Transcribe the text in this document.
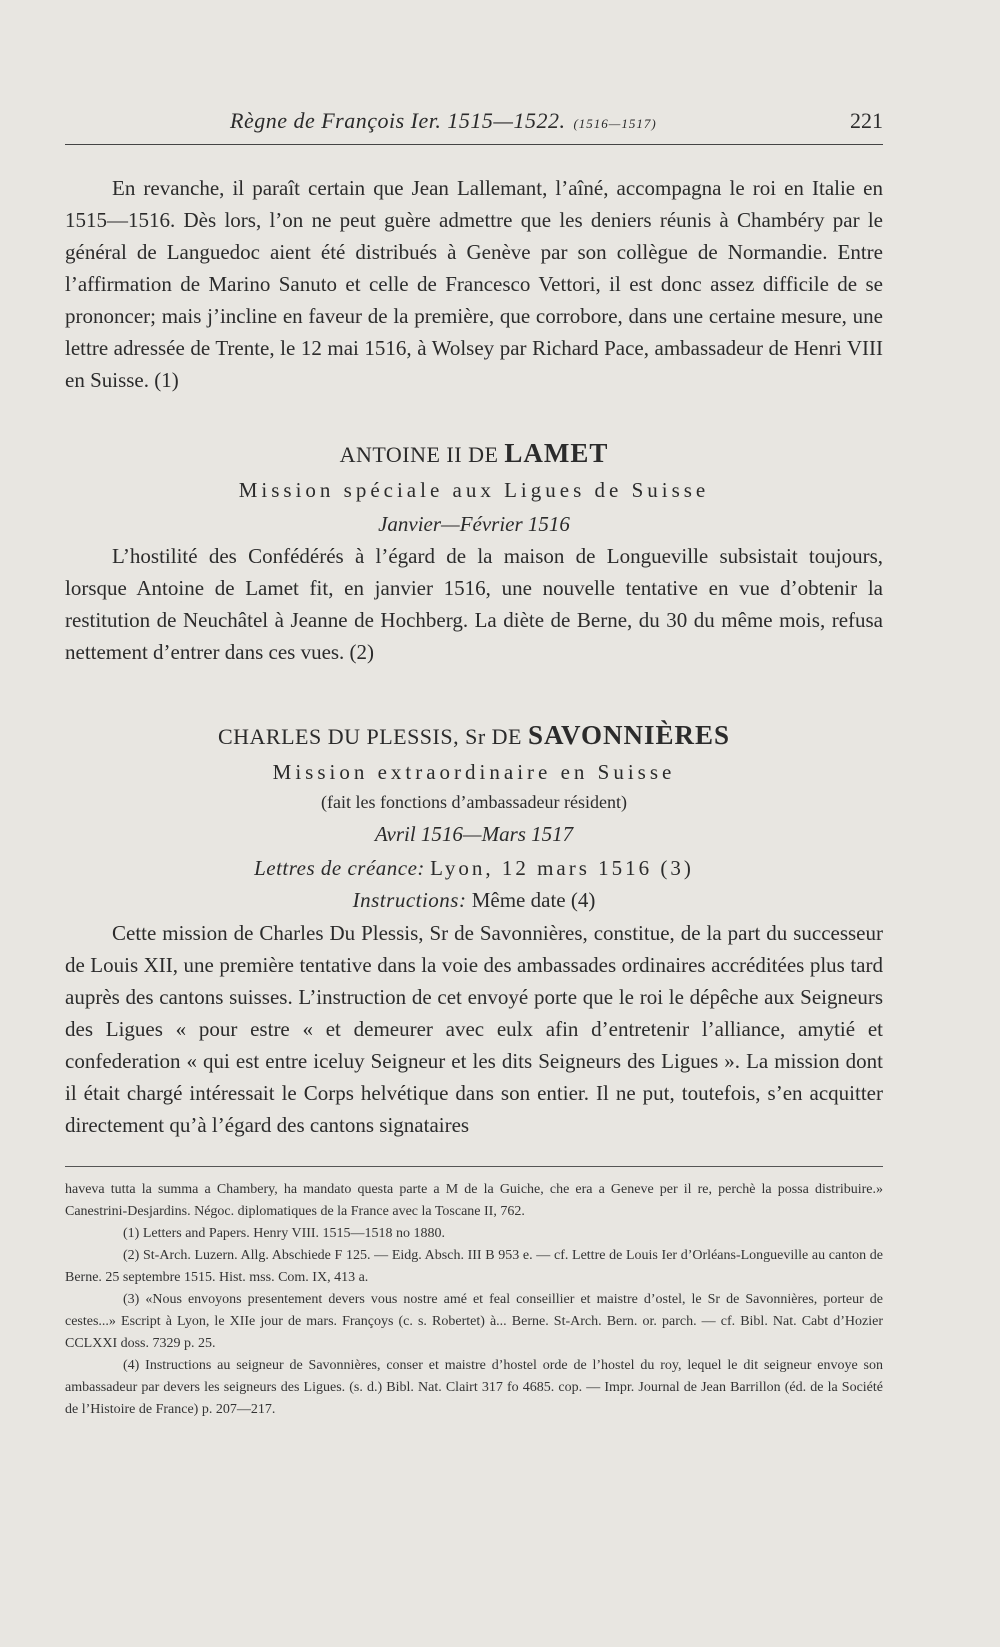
Règne de François Ier. 1515—1522. (1516—1517)	221

En revanche, il paraît certain que Jean Lallemant, l’aîné, accompagna le roi en Italie en 1515—1516. Dès lors, l’on ne peut guère admettre que les deniers réunis à Chambéry par le général de Languedoc aient été distribués à Genève par son collègue de Normandie. Entre l’affirmation de Marino Sanuto et celle de Francesco Vettori, il est donc assez difficile de se prononcer; mais j’incline en faveur de la première, que corrobore, dans une certaine mesure, une lettre adressée de Trente, le 12 mai 1516, à Wolsey par Richard Pace, ambassadeur de Henri VIII en Suisse. (1)

ANTOINE II DE LAMET
Mission spéciale aux Ligues de Suisse
Janvier—Février 1516

L’hostilité des Confédérés à l’égard de la maison de Longueville subsistait toujours, lorsque Antoine de Lamet fit, en janvier 1516, une nouvelle tentative en vue d’obtenir la restitution de Neuchâtel à Jeanne de Hochberg. La diète de Berne, du 30 du même mois, refusa nettement d’entrer dans ces vues. (2)

CHARLES DU PLESSIS, Sr DE SAVONNIÈRES
Mission extraordinaire en Suisse
(fait les fonctions d’ambassadeur résident)
Avril 1516—Mars 1517
Lettres de créance: Lyon, 12 mars 1516 (3)
Instructions: Même date (4)

Cette mission de Charles Du Plessis, Sr de Savonnières, constitue, de la part du successeur de Louis XII, une première tentative dans la voie des ambassades ordinaires accréditées plus tard auprès des cantons suisses. L’instruction de cet envoyé porte que le roi le dépêche aux Seigneurs des Ligues « pour estre « et demeurer avec eulx afin d’entretenir l’alliance, amytié et confederation « qui est entre iceluy Seigneur et les dits Seigneurs des Ligues ». La mission dont il était chargé intéressait le Corps helvétique dans son entier. Il ne put, toutefois, s’en acquitter directement qu’à l’égard des cantons signataires

haveva tutta la summa a Chambery, ha mandato questa parte a M de la Guiche, che era a Geneve per il re, perchè la possa distribuire.» Canestrini-Desjardins. Négoc. diplomatiques de la France avec la Toscane II, 762.

(1) Letters and Papers. Henry VIII. 1515—1518 no 1880.

(2) St-Arch. Luzern. Allg. Abschiede F 125. — Eidg. Absch. III B 953 e. — cf. Lettre de Louis Ier d’Orléans-Longueville au canton de Berne. 25 septembre 1515. Hist. mss. Com. IX, 413 a.

(3) «Nous envoyons presentement devers vous nostre amé et feal conseillier et maistre d’ostel, le Sr de Savonnières, porteur de cestes...» Escript à Lyon, le XIIe jour de mars. Françoys (c. s. Robertet) à... Berne. St-Arch. Bern. or. parch. — cf. Bibl. Nat. Cabt d’Hozier CCLXXI doss. 7329 p. 25.

(4) Instructions au seigneur de Savonnières, conser et maistre d’hostel orde de l’hostel du roy, lequel le dit seigneur envoye son ambassadeur par devers les seigneurs des Ligues. (s. d.) Bibl. Nat. Clairt 317 fo 4685. cop. — Impr. Journal de Jean Barrillon (éd. de la Société de l’Histoire de France) p. 207—217.
